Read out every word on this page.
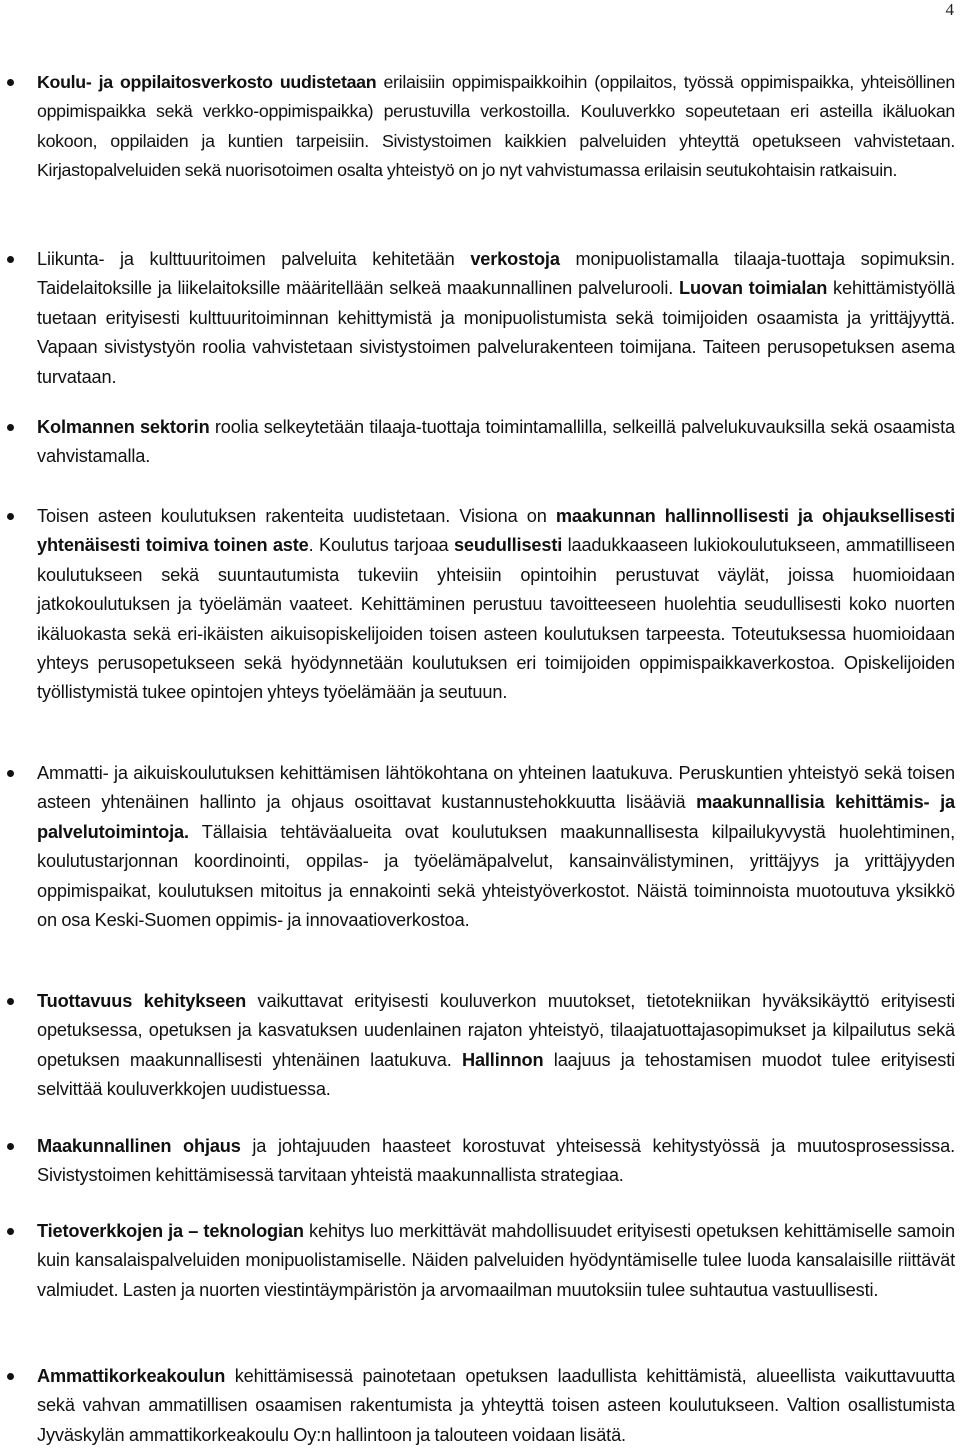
4
Koulu- ja oppilaitosverkosto uudistetaan erilaisiin oppimispaikkoihin (oppilaitos, työssä oppimispaikka, yhteisöllinen oppimispaikka sekä verkko-oppimispaikka) perustuvilla verkostoilla. Kouluverkko sopeutetaan eri asteilla ikäluokan kokoon, oppilaiden ja kuntien tarpeisiin. Sivistystoimen kaikkien palveluiden yhteyttä opetukseen vahvistetaan. Kirjastopalveluiden sekä nuorisotoimen osalta yhteistyö on jo nyt vahvistumassa erilaisin seutukohtaisin ratkaisuin.
Liikunta- ja kulttuuritoimen palveluita kehitetään verkostoja monipuolistamalla tilaaja-tuottaja sopimuksin. Taidelaitoksille ja liikelaitoksille määritellään selkeä maakunnallinen palvelurooli. Luovan toimialan kehittämistyöllä tuetaan erityisesti kulttuuritoiminnan kehittymistä ja monipuolistumista sekä toimijoiden osaamista ja yrittäjyyttä. Vapaan sivistystyön roolia vahvistetaan sivistystoimen palvelurakenteen toimijana. Taiteen perusopetuksen asema turvataan.
Kolmannen sektorin roolia selkeytetään tilaaja-tuottaja toimintamallilla, selkeillä palvelukuvauksilla sekä osaamista vahvistamalla.
Toisen asteen koulutuksen rakenteita uudistetaan. Visiona on maakunnan hallinnollisesti ja ohjauksellisesti yhtenäisesti toimiva toinen aste. Koulutus tarjoaa seudullisesti laadukkaaseen lukiokoulutukseen, ammatilliseen koulutukseen sekä suuntautumista tukeviin yhteisiin opintoihin perustuvat väylät, joissa huomioidaan jatkokoulutuksen ja työelämän vaateet. Kehittäminen perustuu tavoitteeseen huolehtia seudullisesti koko nuorten ikäluokasta sekä eri-ikäisten aikuisopiskelijoiden toisen asteen koulutuksen tarpeesta. Toteutuksessa huomioidaan yhteys perusopetukseen sekä hyödynnetään koulutuksen eri toimijoiden oppimispaikkaverkostoa. Opiskelijoiden työllistymistä tukee opintojen yhteys työelämään ja seutuun.
Ammatti- ja aikuiskoulutuksen kehittämisen lähtökohtana on yhteinen laatukuva. Peruskuntien yhteistyö sekä toisen asteen yhtenäinen hallinto ja ohjaus osoittavat kustannustehokkuutta lisääviä maakunnallisia kehittämis- ja palvelutoimintoja. Tällaisia tehtäväalueita ovat koulutuksen maakunnallisesta kilpailukyvystä huolehtiminen, koulutustarjonnan koordinointi, oppilas- ja työelämäpalvelut, kansainvälistyminen, yrittäjyys ja yrittäjyyden oppimispaikat, koulutuksen mitoitus ja ennakointi sekä yhteistyöverkostot. Näistä toiminnoista muotoutuva yksikkö on osa Keski-Suomen oppimis- ja innovaatioverkostoa.
Tuottavuus kehitykseen vaikuttavat erityisesti kouluverkon muutokset, tietotekniikan hyväksikäyttö erityisesti opetuksessa, opetuksen ja kasvatuksen uudenlainen rajaton yhteistyö, tilaajatuottajasopimukset ja kilpailutus sekä opetuksen maakunnallisesti yhtenäinen laatukuva. Hallinnon laajuus ja tehostamisen muodot tulee erityisesti selvittää kouluverkkojen uudistuessa.
Maakunnallinen ohjaus ja johtajuuden haasteet korostuvat yhteisessä kehitystyössä ja muutosprosessissa. Sivistystoimen kehittämisessä tarvitaan yhteistä maakunnallista strategiaa.
Tietoverkkojen ja – teknologian kehitys luo merkittävät mahdollisuudet erityisesti opetuksen kehittämiselle samoin kuin kansalaispalveluiden monipuolistamiselle. Näiden palveluiden hyödyntämiselle tulee luoda kansalaisille riittävät valmiudet. Lasten ja nuorten viestintäympäristön ja arvomaailman muutoksiin tulee suhtautua vastuullisesti.
Ammattikorkeakoulun kehittämisessä painotetaan opetuksen laadullista kehittämistä, alueellista vaikuttavuutta sekä vahvan ammatillisen osaamisen rakentumista ja yhteyttä toisen asteen koulutukseen. Valtion osallistumista Jyväskylän ammattikorkeakoulu Oy:n hallintoon ja talouteen voidaan lisätä.
